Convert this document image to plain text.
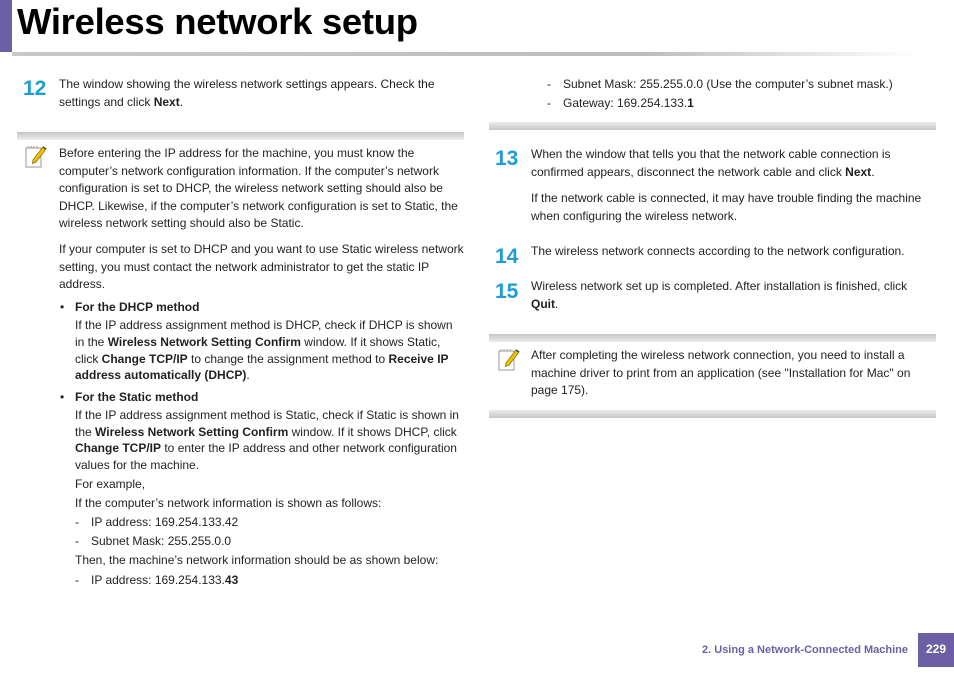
Wireless network setup
12 The window showing the wireless network settings appears. Check the settings and click Next.
Before entering the IP address for the machine, you must know the computer’s network configuration information. If the computer’s network configuration is set to DHCP, the wireless network setting should also be DHCP. Likewise, if the computer’s network configuration is set to Static, the wireless network setting should also be Static.
If your computer is set to DHCP and you want to use Static wireless network setting, you must contact the network administrator to get the static IP address.
• For the DHCP method
If the IP address assignment method is DHCP, check if DHCP is shown in the Wireless Network Setting Confirm window. If it shows Static, click Change TCP/IP to change the assignment method to Receive IP address automatically (DHCP).
• For the Static method
If the IP address assignment method is Static, check if Static is shown in the Wireless Network Setting Confirm window. If it shows DHCP, click Change TCP/IP to enter the IP address and other network configuration values for the machine.
For example,
If the computer’s network information is shown as follows:
- IP address: 169.254.133.42
- Subnet Mask: 255.255.0.0
Then, the machine’s network information should be as shown below:
- IP address: 169.254.133.43
- Subnet Mask: 255.255.0.0 (Use the computer’s subnet mask.)
- Gateway: 169.254.133.1
13 When the window that tells you that the network cable connection is confirmed appears, disconnect the network cable and click Next.
If the network cable is connected, it may have trouble finding the machine when configuring the wireless network.
14 The wireless network connects according to the network configuration.
15 Wireless network set up is completed. After installation is finished, click Quit.
After completing the wireless network connection, you need to install a machine driver to print from an application (see "Installation for Mac" on page 175).
2. Using a Network-Connected Machine	229
